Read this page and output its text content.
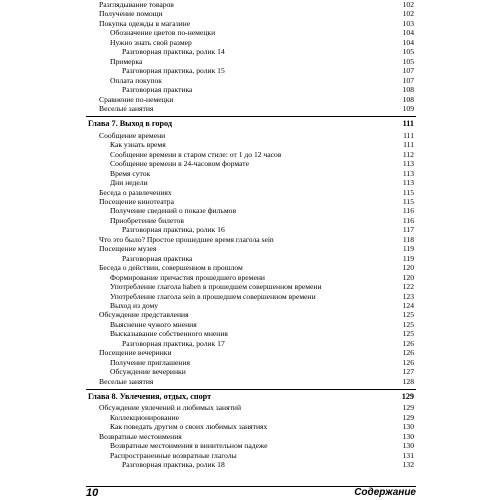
Разглядывание товаров	102
Получение помощи	102
Покупка одежды в магазине	103
Обозначение цветов по-немецки	104
Нужно знать свой размер	104
Разговорная практика, ролик 14	105
Примерка	105
Разговорная практика, ролик 15	107
Оплата покупок	107
Разговорная практика	108
Сравнение по-немецки	108
Веселые занятия	109
Глава 7. Выход в город	111
Сообщение времени	111
Как узнать время	111
Сообщение времени в старом стиле: от 1 до 12 часов	112
Сообщение времени в 24-часовом формате	113
Время суток	113
Дни недели	113
Беседа о развлечениях	115
Посещение кинотеатра	115
Получение сведений о показе фильмов	116
Приобретение билетов	116
Разговорная практика, ролик 16	117
Что это было? Простое прошедшее время глагола sein	118
Посещение музея	119
Разговорная практика	119
Беседа о действии, совершенном в прошлом	120
Формирование причастия прошедшего времени	120
Употребление глагола haben в прошедшем совершенном времени	122
Употребление глагола sein в прошедшем совершенном времени	123
Выход из дому	124
Обсуждение представления	125
Выяснение чужого мнения	125
Высказывание собственного мнения	125
Разговорная практика, ролик 17	126
Посещение вечеринки	126
Получение приглашения	126
Обсуждение вечеринки	127
Веселые занятия	128
Глава 8. Увлечения, отдых, спорт	129
Обсуждение увлечений и любимых занятий	129
Коллекционирование	129
Как поведать другим о своих любимых занятиях	130
Возвратные местоимения	130
Возвратные местоимения в винительном падеже	130
Распространенные возвратные глаголы	131
Разговорная практика, ролик 18	132
10	Содержание
